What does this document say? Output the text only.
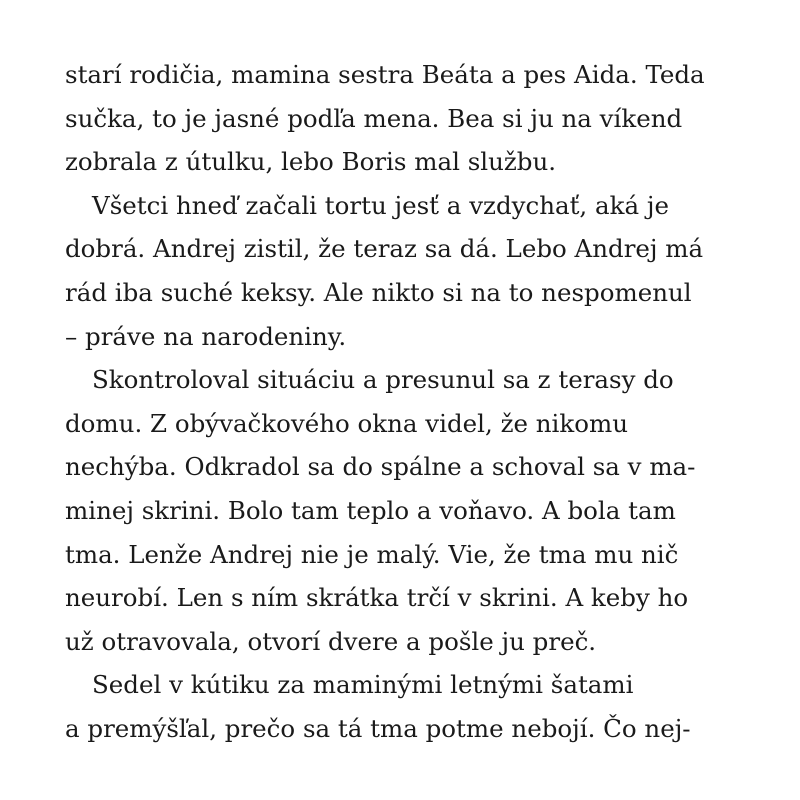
starí rodičia, mamina sestra Beáta a pes Aida. Teda
sučka, to je jasné podľa mena. Bea si ju na víkend
zobrala z útulku, lebo Boris mal službu.
Všetci hneď začali tortu jesť a vzdychať, aká je
dobrá. Andrej zistil, že teraz sa dá. Lebo Andrej má
rád iba suché keksy. Ale nikto si na to nespomenul
– práve na narodeniny.
Skontroloval situáciu a presunul sa z terasy do
domu. Z obývačkového okna videl, že nikomu
nechýba. Odkradol sa do spálne a schoval sa v ma-
minej skrini. Bolo tam teplo a voňavo. A bola tam
tma. Lenže Andrej nie je malý. Vie, že tma mu nič
neurobí. Len s ním skrátka trčí v skrini. A keby ho
už otravovala, otvorí dvere a pošle ju preč.
Sedel v kútiku za maminými letnými šatami
a premýšľal, prečo sa tá tma potme nebojí. Čo nej-
